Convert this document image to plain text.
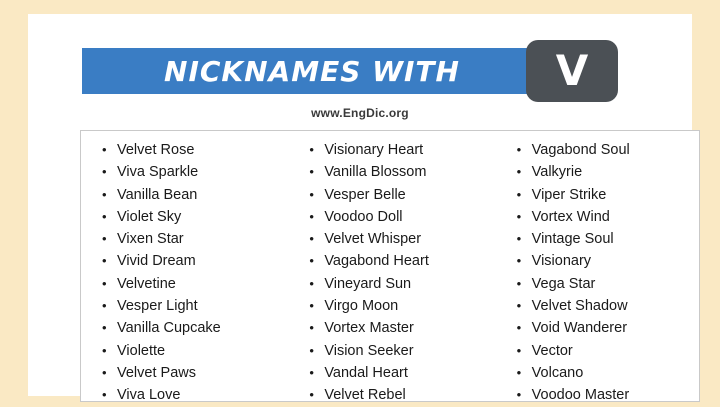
NICKNAMES WITH V
www.EngDic.org
• Velvet Rose
• Viva Sparkle
• Vanilla Bean
• Violet Sky
• Vixen Star
• Vivid Dream
• Velvetine
• Vesper Light
• Vanilla Cupcake
• Violette
• Velvet Paws
• Viva Love
• Visionary Heart
• Vanilla Blossom
• Vesper Belle
• Voodoo Doll
• Velvet Whisper
• Vagabond Heart
• Vineyard Sun
• Virgo Moon
• Vortex Master
• Vision Seeker
• Vandal Heart
• Velvet Rebel
• Vagabond Soul
• Valkyrie
• Viper Strike
• Vortex Wind
• Vintage Soul
• Visionary
• Vega Star
• Velvet Shadow
• Void Wanderer
• Vector
• Volcano
• Voodoo Master
